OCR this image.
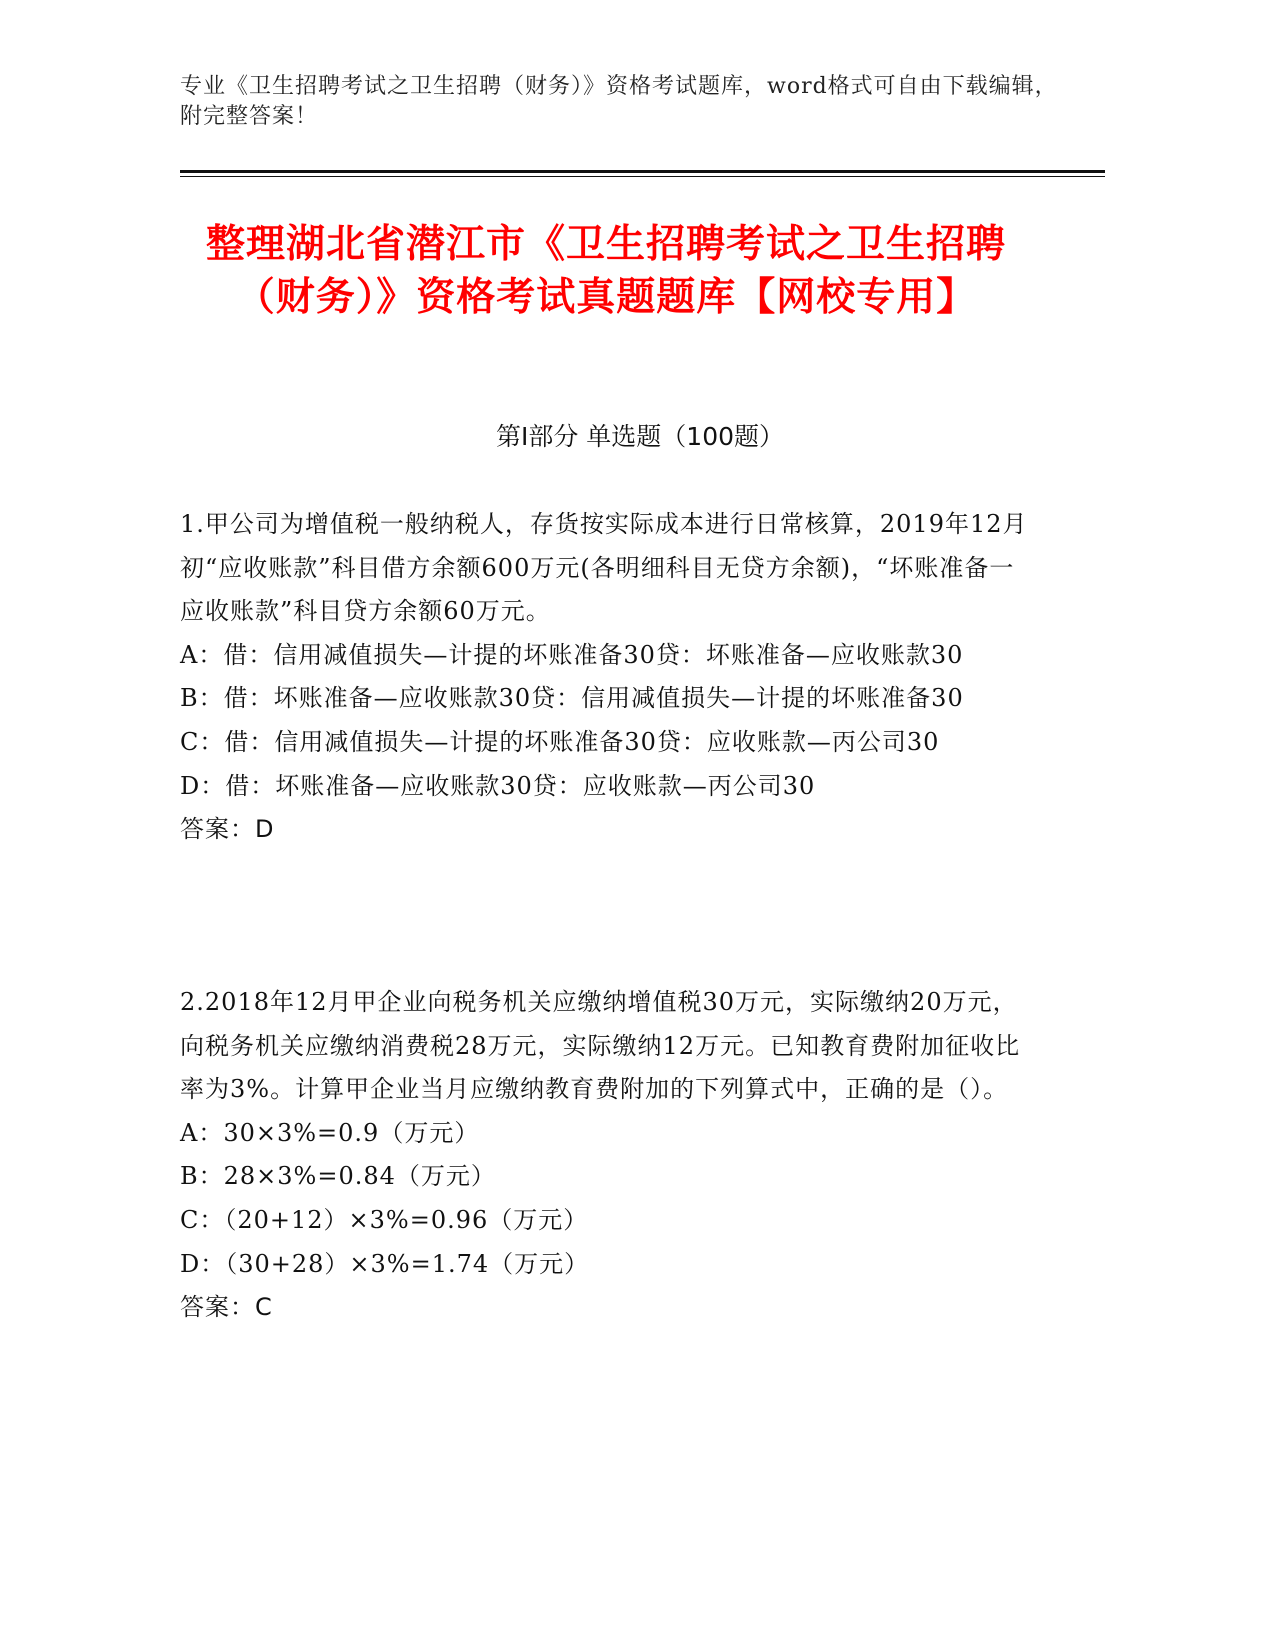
专业《卫生招聘考试之卫生招聘（财务）》资格考试题库，word格式可自由下载编辑，附完整答案！
整理湖北省潜江市《卫生招聘考试之卫生招聘（财务）》资格考试真题题库【网校专用】
第Ⅰ部分 单选题（100题）

1.甲公司为增值税一般纳税人，存货按实际成本进行日常核算，2019年12月初“应收账款”科目借方余额600万元(各明细科目无贷方余额)，“坏账准备一应收账款”科目贷方余额60万元。

A：借：信用减值损失—计提的坏账准备30贷：坏账准备—应收账款30

B：借：坏账准备—应收账款30贷：信用减值损失—计提的坏账准备30

C：借：信用减值损失—计提的坏账准备30贷：应收账款—丙公司30

D：借：坏账准备—应收账款30贷：应收账款—丙公司30

答案：D

2.2018年12月甲企业向税务机关应缴纳增值税30万元，实际缴纳20万元，向税务机关应缴纳消费税28万元，实际缴纳12万元。已知教育费附加征收比率为3%。计算甲企业当月应缴纳教育费附加的下列算式中，正确的是（）。

A：30×3%=0.9（万元）

B：28×3%=0.84（万元）

C：（20+12）×3%=0.96（万元）

D：（30+28）×3%=1.74（万元）

答案：C
